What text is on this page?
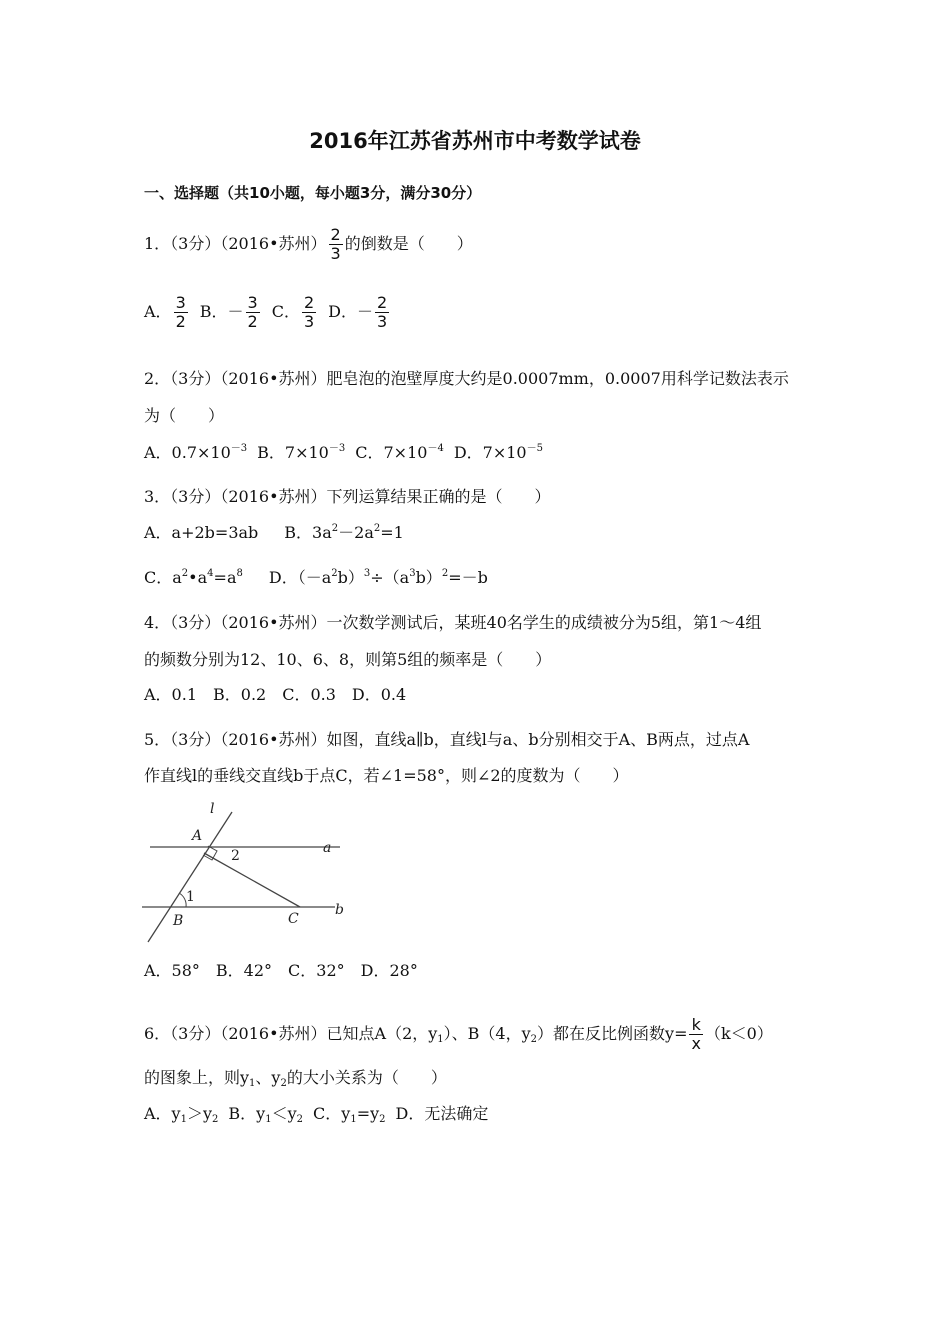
2016年江苏省苏州市中考数学试卷
一、选择题（共10小题，每小题3分，满分30分）
1．（3分）（2016•苏州） $\frac{2}{3}$ 的倒数是（　　）
A． $\frac{3}{2}$ B．－ $\frac{3}{2}$ C． $\frac{2}{3}$ D．－ $\frac{2}{3}$
2．（3分）（2016•苏州）肥皂泡的泡壁厚度大约是0.0007mm，0.0007用科学记数法表示
为（　　）
A．$0.7\times 10^{-3}$ B．$7\times 10^{-3}$ C．$7\times 10^{-4}$ D．$7\times 10^{-5}$
3．（3分）（2016•苏州）下列运算结果正确的是（　　）
A．a+2b=3ab B．$3a^2-2a^2=1$
C．$a^2•a^4=a^8$ D．$(-a^2b)^3\div(a^3b)^2=-b$
4．（3分）（2016•苏州）一次数学测试后，某班40名学生的成绩被分为5组，第1～4组
的频数分别为12、10、6、8，则第5组的频率是（　　）
A．0.1　B．0.2　C．0.3　D．0.4
5．（3分）（2016•苏州）如图，直线a∥b，直线l与a、b分别相交于A、B两点，过点A
作直线l的垂线交直线b于点C，若∠1=58°，则∠2的度数为（　　）
l
A
2	a
1
B	C
b
A．58°　B．42°　C．32°　D．28°
6．（3分）（2016•苏州）已知点A（2，$y_1$）、B（4，$y_2$）都在反比例函数$y= \frac{k}{x} (k<0)$
的图象上，则$y_1$、$y_2$的大小关系为（　　）
A．$y_1>y_2$ B．$y_1<y_2$ C．$y_1=y_2$ D．无法确定
